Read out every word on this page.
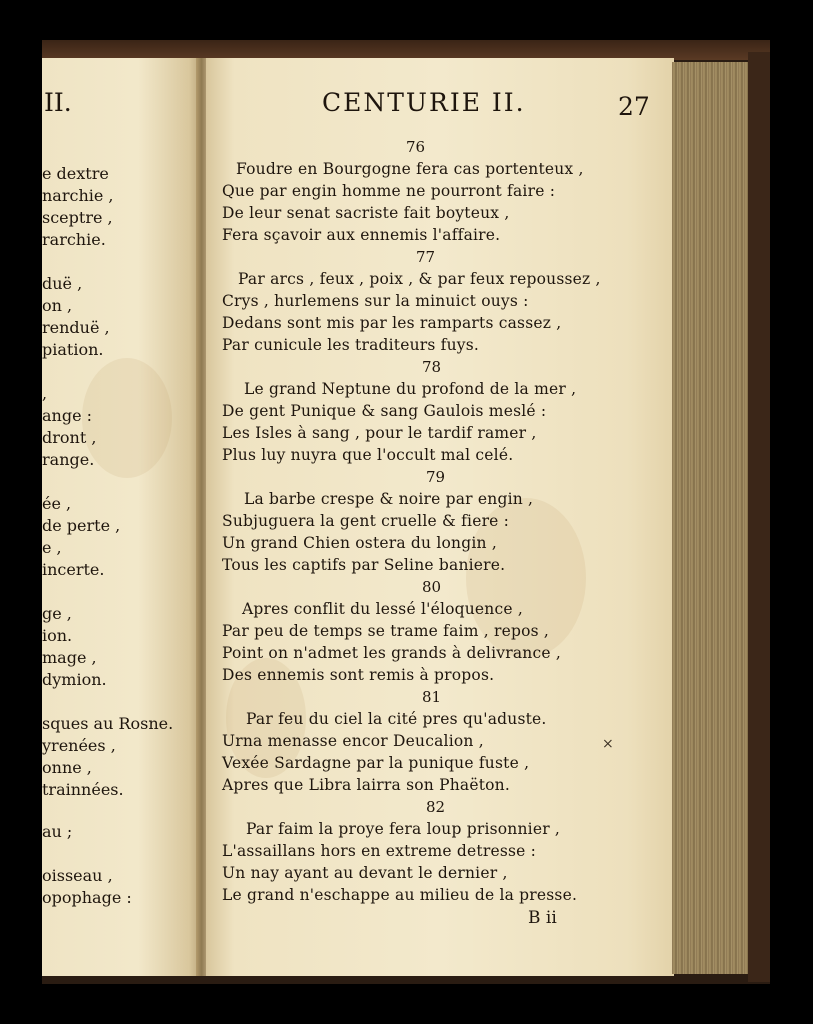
II.
e dextre
narchie ,
sceptre ,
rarchie.
duë ,
on ,
renduë ,
piation.
,
ange :
dront ,
range.
ée ,
de perte ,
e ,
incerte.
ge ,
ion.
mage ,
dymion.
sques au Rosne.
yrenées ,
onne ,
trainnées.
au ;
oisseau ,
opophage :
CENTURIE II.	27
76
Foudre en Bourgogne fera cas portenteux ,
Que par engin homme ne pourront faire :
De leur senat sacriste fait boyteux ,
Fera sçavoir aux ennemis l'affaire.
77
Par arcs , feux , poix , & par feux repoussez ,
Crys , hurlemens sur la minuict ouys :
Dedans sont mis par les ramparts cassez ,
Par cunicule les traditeurs fuys.
78
Le grand Neptune du profond de la mer ,
De gent Punique & sang Gaulois meslé :
Les Isles à sang , pour le tardif ramer ,
Plus luy nuyra que l'occult mal celé.
79
La barbe crespe & noire par engin ,
Subjuguera la gent cruelle & fiere :
Un grand Chien ostera du longin ,
Tous les captifs par Seline baniere.
80
Apres conflit du lessé l'éloquence ,
Par peu de temps se trame faim , repos ,
Point on n'admet les grands à delivrance ,
Des ennemis sont remis à propos.
81
Par feu du ciel la cité pres qu'aduste.
Urna menasse encor Deucalion ,
Vexée Sardagne par la punique fuste ,
Apres que Libra lairra son Phaëton.
82
Par faim la proye fera loup prisonnier ,
L'assaillans hors en extreme detresse :
Un nay ayant au devant le dernier ,
Le grand n'eschappe au milieu de la presse.
B ii
×
